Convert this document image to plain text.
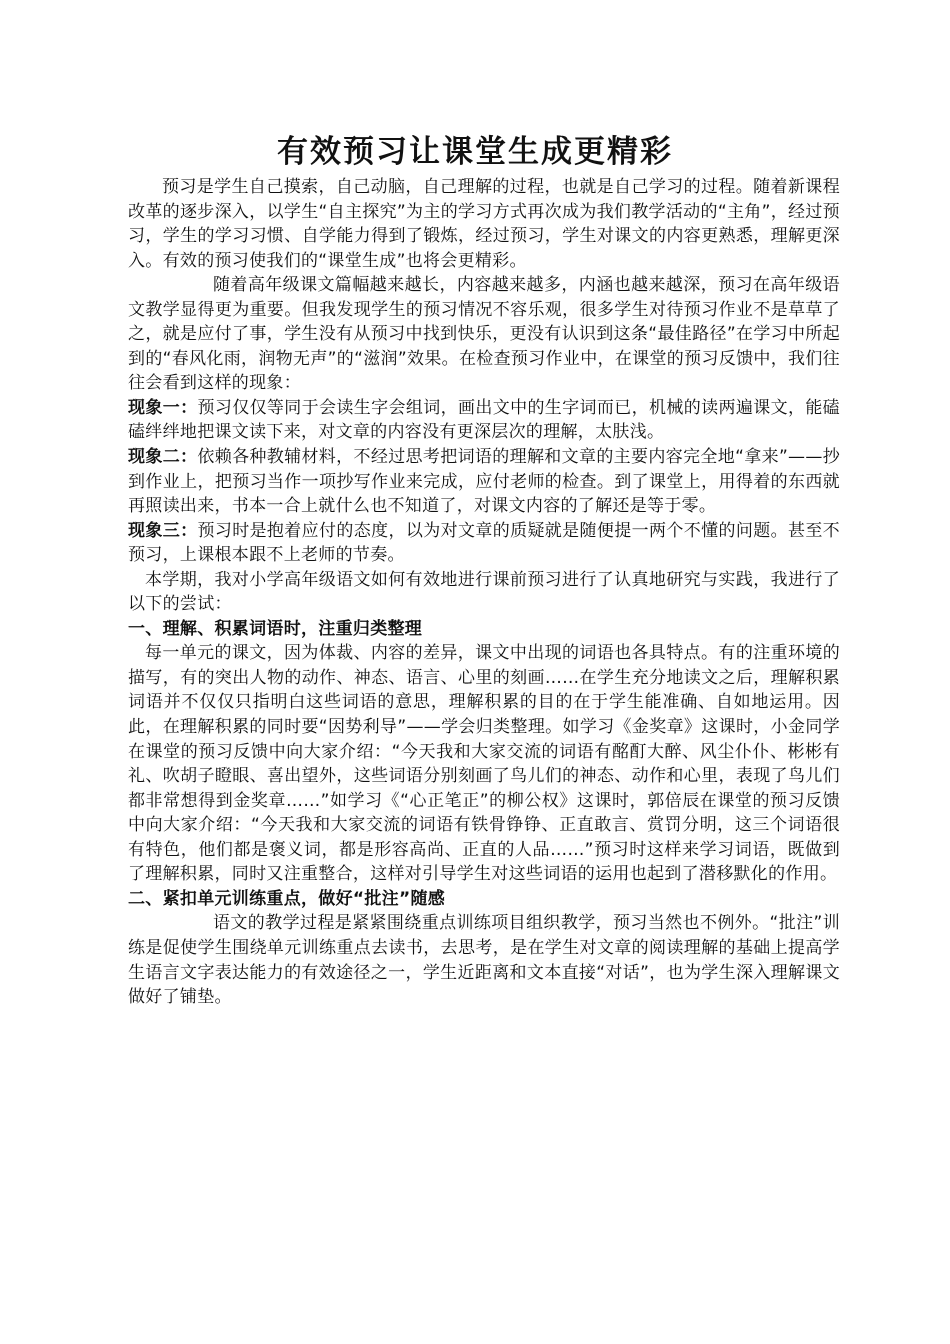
有效预习让课堂生成更精彩

预习是学生自己摸索，自己动脑，自己理解的过程，也就是自己学习的过程。随着新课程改革的逐步深入，以学生“自主探究”为主的学习方式再次成为我们教学活动的“主角”，经过预习，学生的学习习惯、自学能力得到了锻炼，经过预习，学生对课文的内容更熟悉，理解更深入。有效的预习使我们的“课堂生成”也将会更精彩。

随着高年级课文篇幅越来越长，内容越来越多，内涵也越来越深，预习在高年级语文教学显得更为重要。但我发现学生的预习情况不容乐观，很多学生对待预习作业不是草草了之，就是应付了事，学生没有从预习中找到快乐，更没有认识到这条“最佳路径”在学习中所起到的“春风化雨，润物无声”的“滋润”效果。在检查预习作业中，在课堂的预习反馈中，我们往往会看到这样的现象：

现象一：预习仅仅等同于会读生字会组词，画出文中的生字词而已，机械的读两遍课文，能磕磕绊绊地把课文读下来，对文章的内容没有更深层次的理解，太肤浅。

现象二：依赖各种教辅材料，不经过思考把词语的理解和文章的主要内容完全地“拿来”——抄到作业上，把预习当作一项抄写作业来完成，应付老师的检查。到了课堂上，用得着的东西就再照读出来，书本一合上就什么也不知道了，对课文内容的了解还是等于零。

现象三：预习时是抱着应付的态度，以为对文章的质疑就是随便提一两个不懂的问题。甚至不预习，上课根本跟不上老师的节奏。

本学期，我对小学高年级语文如何有效地进行课前预习进行了认真地研究与实践，我进行了以下的尝试：

一、理解、积累词语时，注重归类整理

每一单元的课文，因为体裁、内容的差异，课文中出现的词语也各具特点。有的注重环境的描写，有的突出人物的动作、神态、语言、心里的刻画……在学生充分地读文之后，理解积累词语并不仅仅只指明白这些词语的意思，理解积累的目的在于学生能准确、自如地运用。因此，在理解积累的同时要“因势利导”——学会归类整理。如学习《金奖章》这课时，小金同学在课堂的预习反馈中向大家介绍：“今天我和大家交流的词语有酩酊大醉、风尘仆仆、彬彬有礼、吹胡子瞪眼、喜出望外，这些词语分别刻画了鸟儿们的神态、动作和心里，表现了鸟儿们都非常想得到金奖章……”如学习《“心正笔正”的柳公权》这课时，郭倍辰在课堂的预习反馈中向大家介绍：“今天我和大家交流的词语有铁骨铮铮、正直敢言、赏罚分明，这三个词语很有特色，他们都是褒义词，都是形容高尚、正直的人品……”预习时这样来学习词语，既做到了理解积累，同时又注重整合，这样对引导学生对这些词语的运用也起到了潜移默化的作用。

二、紧扣单元训练重点，做好“批注”随感

语文的教学过程是紧紧围绕重点训练项目组织教学，预习当然也不例外。“批注”训练是促使学生围绕单元训练重点去读书，去思考，是在学生对文章的阅读理解的基础上提高学生语言文字表达能力的有效途径之一，学生近距离和文本直接“对话”，也为学生深入理解课文做好了铺垫。
